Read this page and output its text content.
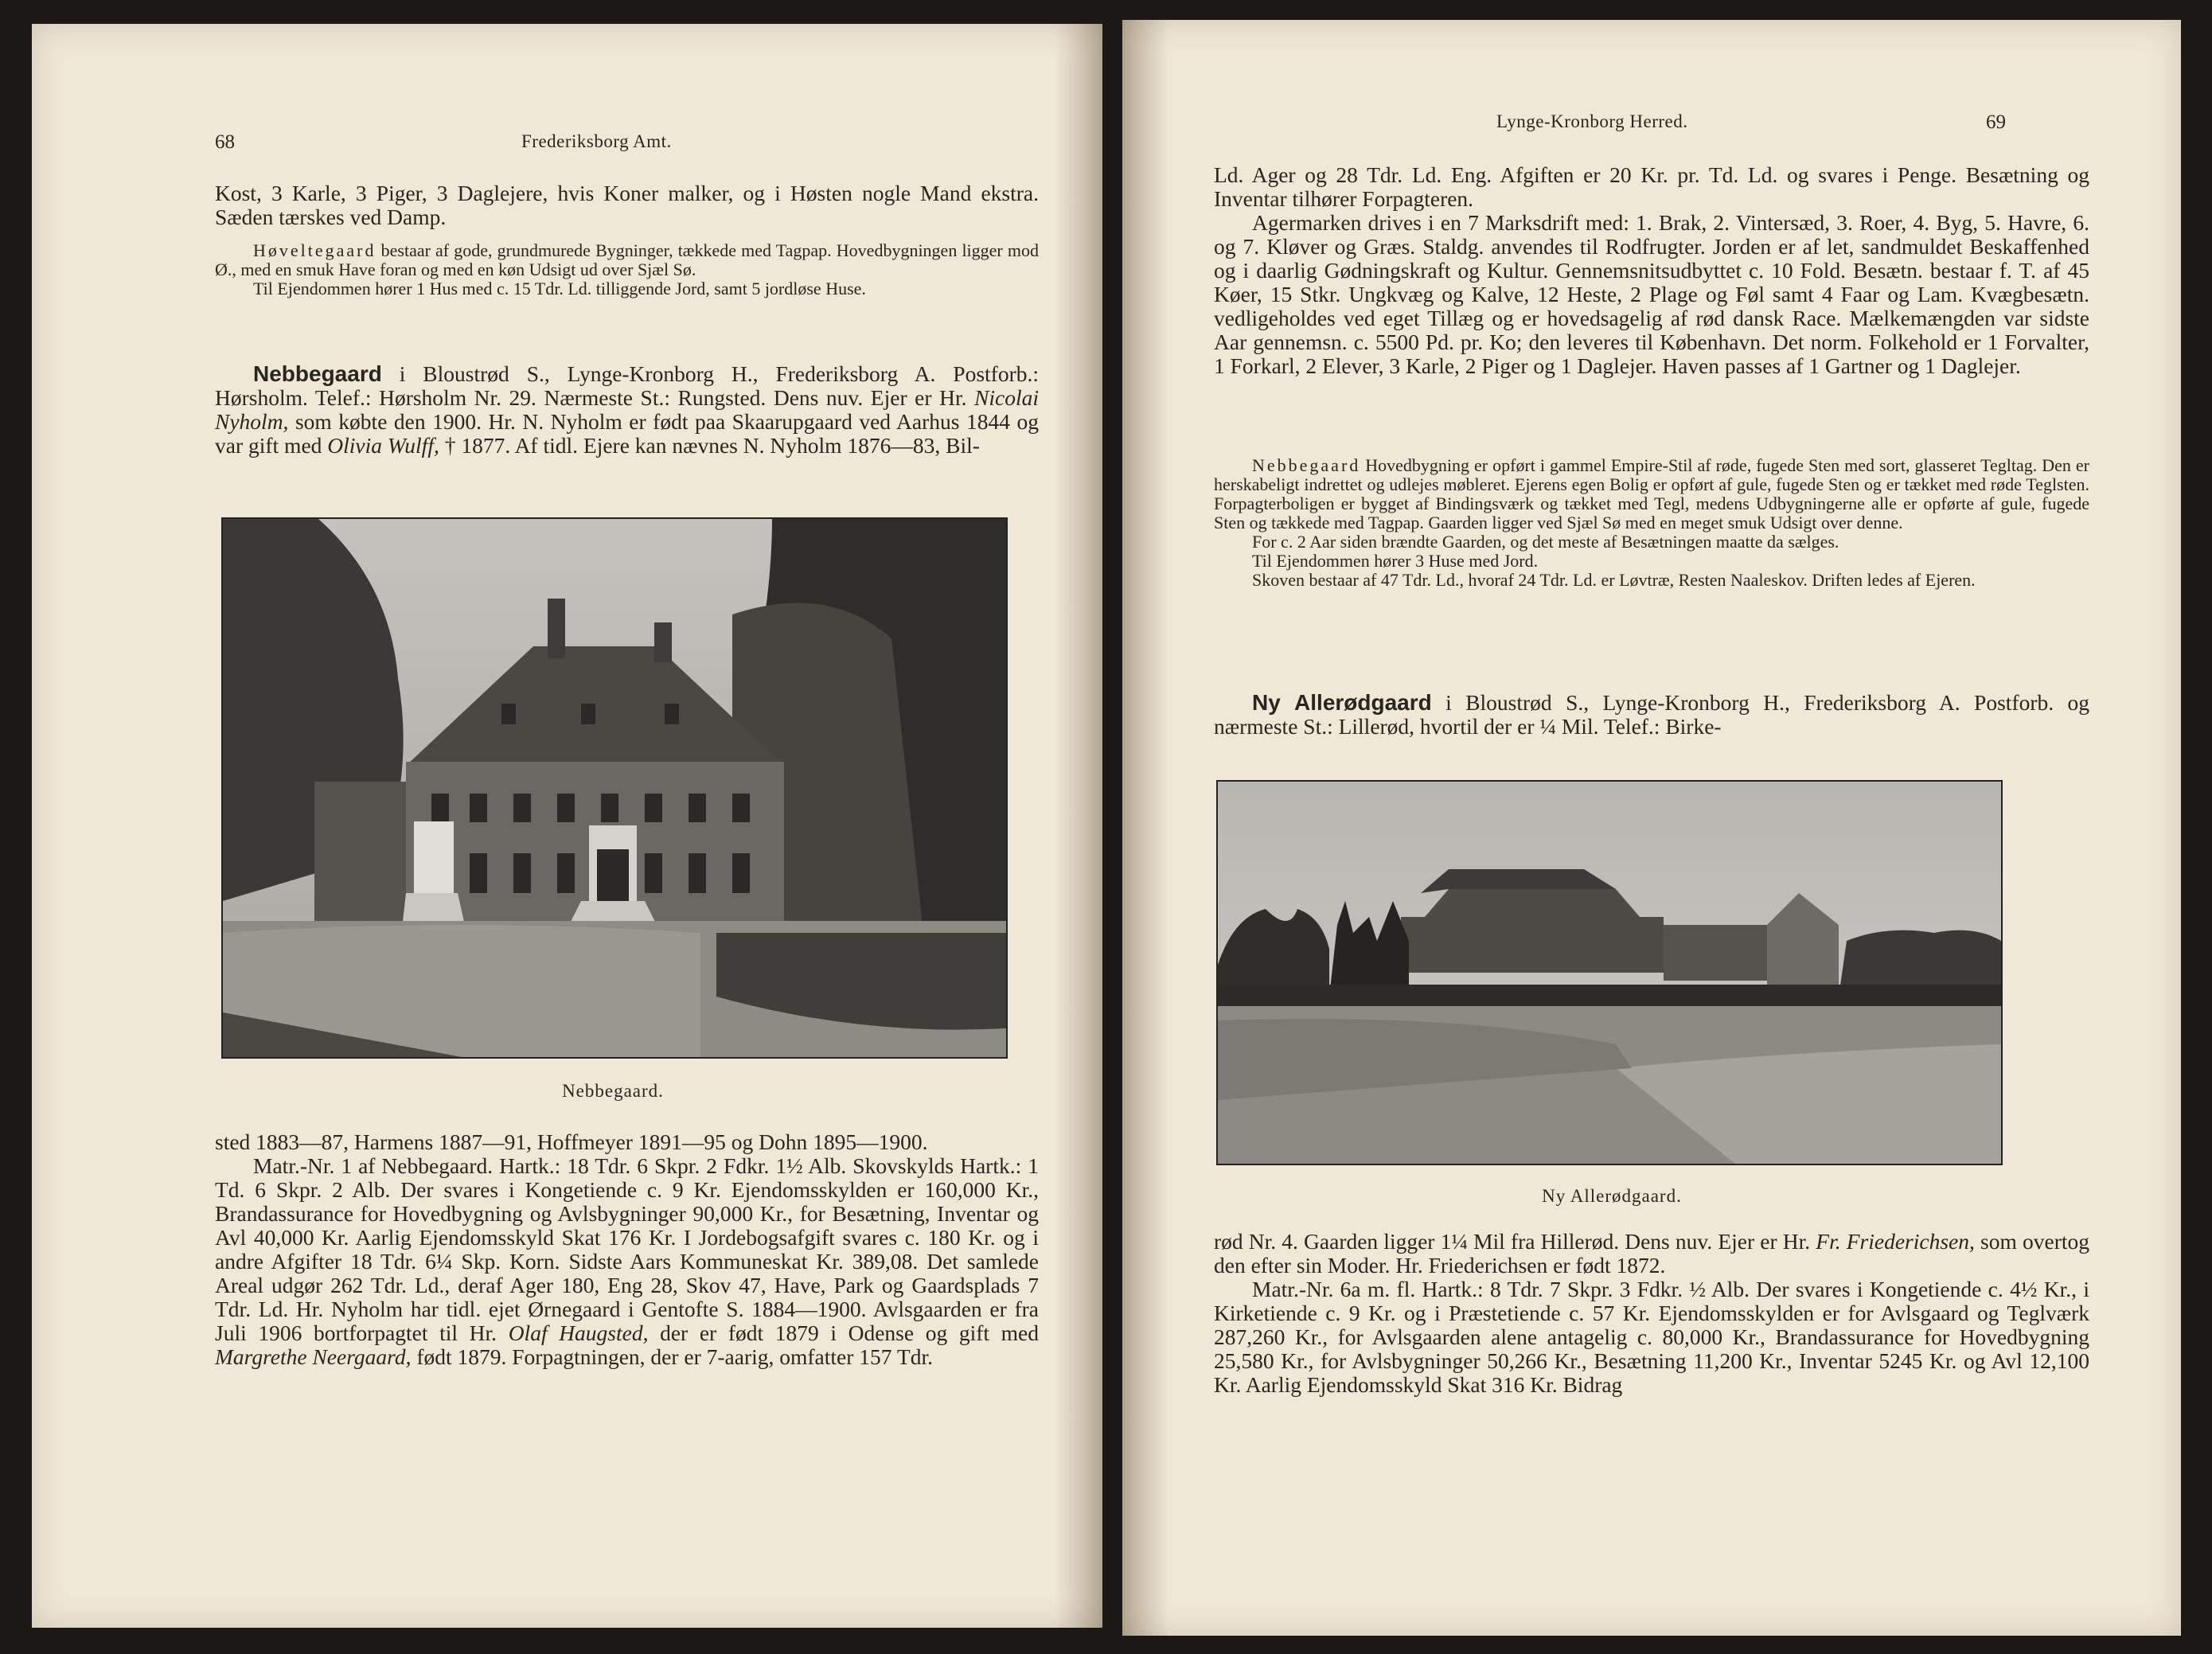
68	Frederiksborg Amt.
Kost, 3 Karle, 3 Piger, 3 Daglejere, hvis Koner malker, og i Høsten nogle Mand ekstra. Sæden tærskes ved Damp.

Høveltegaard bestaar af gode, grundmurede Bygninger, tækkede med Tagpap. Hovedbygningen ligger mod Ø., med en smuk Have foran og med en køn Udsigt ud over Sjæl Sø.

Til Ejendommen hører 1 Hus med c. 15 Tdr. Ld. tilliggende Jord, samt 5 jordløse Huse.

Nebbegaard i Bloustrød S., Lynge-Kronborg H., Frederiksborg A. Postforb.: Hørsholm. Telef.: Hørsholm Nr. 29. Nærmeste St.: Rungsted. Dens nuv. Ejer er Hr. Nicolai Nyholm, som købte den 1900. Hr. N. Nyholm er født paa Skaarupgaard ved Aarhus 1844 og var gift med Olivia Wulff, † 1877. Af tidl. Ejere kan nævnes N. Nyholm 1876—83, Bil-

Nebbegaard.

sted 1883—87, Harmens 1887—91, Hoffmeyer 1891—95 og Dohn 1895—1900.

Matr.-Nr. 1 af Nebbegaard. Hartk.: 18 Tdr. 6 Skpr. 2 Fdkr. 1½ Alb. Skovskylds Hartk.: 1 Td. 6 Skpr. 2 Alb. Der svares i Kongetiende c. 9 Kr. Ejendomsskylden er 160,000 Kr., Brandassurance for Hovedbygning og Avlsbygninger 90,000 Kr., for Besætning, Inventar og Avl 40,000 Kr. Aarlig Ejendomsskyld Skat 176 Kr. I Jordebogsafgift svares c. 180 Kr. og i andre Afgifter 18 Tdr. 6¼ Skp. Korn. Sidste Aars Kommuneskat Kr. 389,08. Det samlede Areal udgør 262 Tdr. Ld., deraf Ager 180, Eng 28, Skov 47, Have, Park og Gaardsplads 7 Tdr. Ld. Hr. Nyholm har tidl. ejet Ørnegaard i Gentofte S. 1884—1900. Avlsgaarden er fra Juli 1906 bortforpagtet til Hr. Olaf Haugsted, der er født 1879 i Odense og gift med Margrethe Neergaard, født 1879. Forpagtningen, der er 7-aarig, omfatter 157 Tdr.

Lynge-Kronborg Herred.	69

Ld. Ager og 28 Tdr. Ld. Eng. Afgiften er 20 Kr. pr. Td. Ld. og svares i Penge. Besætning og Inventar tilhører Forpagteren.

Agermarken drives i en 7 Marksdrift med: 1. Brak, 2. Vintersæd, 3. Roer, 4. Byg, 5. Havre, 6. og 7. Kløver og Græs. Staldg. anvendes til Rodfrugter. Jorden er af let, sandmuldet Beskaffenhed og i daarlig Gødningskraft og Kultur. Gennemsnitsudbyttet c. 10 Fold. Besætn. bestaar f. T. af 45 Køer, 15 Stkr. Ungkvæg og Kalve, 12 Heste, 2 Plage og Føl samt 4 Faar og Lam. Kvægbesætn. vedligeholdes ved eget Tillæg og er hovedsagelig af rød dansk Race. Mælkemængden var sidste Aar gennemsn. c. 5500 Pd. pr. Ko; den leveres til København. Det norm. Folkehold er 1 Forvalter, 1 Forkarl, 2 Elever, 3 Karle, 2 Piger og 1 Daglejer. Haven passes af 1 Gartner og 1 Daglejer.

Nebbegaard Hovedbygning er opført i gammel Empire-Stil af røde, fugede Sten med sort, glasseret Tegltag. Den er herskabeligt indrettet og udlejes møbleret. Ejerens egen Bolig er opført af gule, fugede Sten og er tækket med røde Teglsten. Forpagterboligen er bygget af Bindingsværk og tækket med Tegl, medens Udbygningerne alle er opførte af gule, fugede Sten og tækkede med Tagpap. Gaarden ligger ved Sjæl Sø med en meget smuk Udsigt over denne.

For c. 2 Aar siden brændte Gaarden, og det meste af Besætningen maatte da sælges.

Til Ejendommen hører 3 Huse med Jord.

Skoven bestaar af 47 Tdr. Ld., hvoraf 24 Tdr. Ld. er Løvtræ, Resten Naaleskov. Driften ledes af Ejeren.

Ny Allerødgaard i Bloustrød S., Lynge-Kronborg H., Frederiksborg A. Postforb. og nærmeste St.: Lillerød, hvortil der er ¼ Mil. Telef.: Birke-

Ny Allerødgaard.

rød Nr. 4. Gaarden ligger 1¼ Mil fra Hillerød. Dens nuv. Ejer er Hr. Fr. Friederichsen, som overtog den efter sin Moder. Hr. Friederichsen er født 1872.

Matr.-Nr. 6a m. fl. Hartk.: 8 Tdr. 7 Skpr. 3 Fdkr. ½ Alb. Der svares i Kongetiende c. 4½ Kr., i Kirketiende c. 9 Kr. og i Præstetiende c. 57 Kr. Ejendomsskylden er for Avlsgaard og Teglværk 287,260 Kr., for Avlsgaarden alene antagelig c. 80,000 Kr., Brandassurance for Hovedbygning 25,580 Kr., for Avlsbygninger 50,266 Kr., Besætning 11,200 Kr., Inventar 5245 Kr. og Avl 12,100 Kr. Aarlig Ejendomsskyld Skat 316 Kr. Bidrag
